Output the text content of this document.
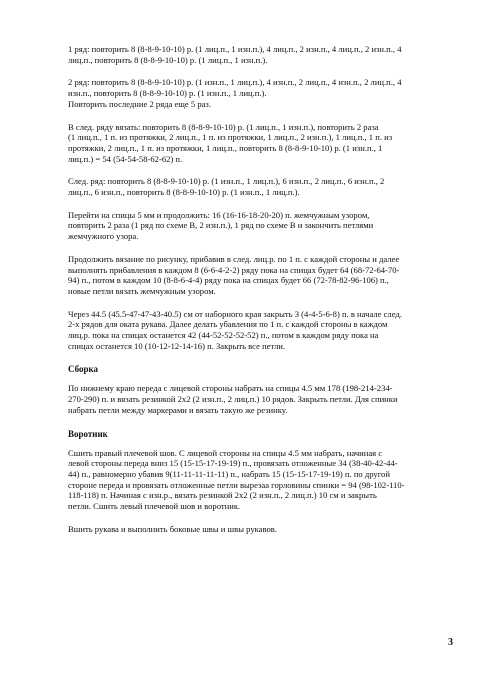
1 ряд: повторить 8 (8-8-9-10-10) р. (1 лиц.п., 1 изн.п.), 4 лиц.п., 2 изн.п., 4 лиц.п., 2 изн.п., 4
лиц.п., повторить 8 (8-8-9-10-10) р. (1 лиц.п., 1 изн.п.).

2 ряд: повторить 8 (8-8-9-10-10) р. (1 изн.п., 1 лиц.п.), 4 изн.п., 2 лиц.п., 4 изн.п., 2 лиц.п., 4
изн.п., повторить 8 (8-8-9-10-10) р. (1 изн.п., 1 лиц.п.).
Повторить последние 2 ряда еще 5 раз.

В след. ряду вязать: повторить 8 (8-8-9-10-10) р. (1 лиц.п., 1 изн.п.), повторить 2 раза
(1 лиц.п., 1 п. из протяжки, 2 лиц.п., 1 п. из протяжки, 1 лиц.п., 2 изн.п.), 1 лиц.п., 1 п. из
протяжки, 2 лиц.п., 1 п. из протяжки, 1 лиц.п., повторить 8 (8-8-9-10-10) р. (1 изн.п., 1
лиц.п.) = 54 (54-54-58-62-62) п.

След. ряд: повторить 8 (8-8-9-10-10) р. (1 изн.п., 1 лиц.п.), 6 изн.п., 2 лиц.п., 6 изн.п., 2
лиц.п., 6 изн.п., повторить 8 (8-8-9-10-10) р. (1 изн.п., 1 лиц.п.).

Перейти на спицы 5 мм и продолжить: 16 (16-16-18-20-20) п. жемчужным узором,
повторить 2 раза (1 ряд по схеме В, 2 изн.п.), 1 ряд по схеме В и закончить петлями
жемчужного узора.

Продолжить вязание по рисунку, прибавив в след. лиц.р. по 1 п. с каждой стороны и далее
выполнять прибавления в каждом 8 (6-6-4-2-2) ряду пока на спицах будет 64 (68-72-64-70-
94) п., потом в каждом 10 (8-8-6-4-4) ряду пока на спицах будет 66 (72-78-82-96-106) п.,
новые петли вязать жемчужным узором.

Через 44.5 (45.5-47-47-43-40.5) см от наборного края закрыть 3 (4-4-5-6-8) п. в начале след.
2-х рядов для оката рукава. Далее делать убавления по 1 п. с каждой стороны в каждом
лиц.р. пока на спицах останется 42 (44-52-52-52-52) п., потом в каждом ряду пока на
спицах останется 10 (10-12-12-14-16) п. Закрыть все петли.

Сборка

По нижнему краю переда с лицевой стороны набрать на спицы 4.5 мм 178 (198-214-234-
270-290) п. и вязать резинкой 2х2 (2 изн.п., 2 лиц.п.) 10 рядов. Закрыть петли. Для спинки
набрать петли между маркерами и вязать такую же резинку.

Воротник

Сшить правый плечевой шов. С лицевой стороны на спицы 4.5 мм набрать, начиная с
левой стороны переда вниз 15 (15-15-17-19-19) п., провязать отложенные 34 (38-40-42-44-
44) п., равномерно убавив 9(11-11-11-11-11) п., набрать 15 (15-15-17-19-19) п. по другой
стороне переда и провязать отложенные петли вырезаа горловины спинки = 94 (98-102-110-
118-118) п. Начиная с изн.р., вязать резинкой 2х2 (2 изн.п., 2 лиц.п.) 10 см и закрыть
петли. Сшить левый плечевой шов и воротник.

Вшить рукава и выполнить боковые швы и швы рукавов.

3
